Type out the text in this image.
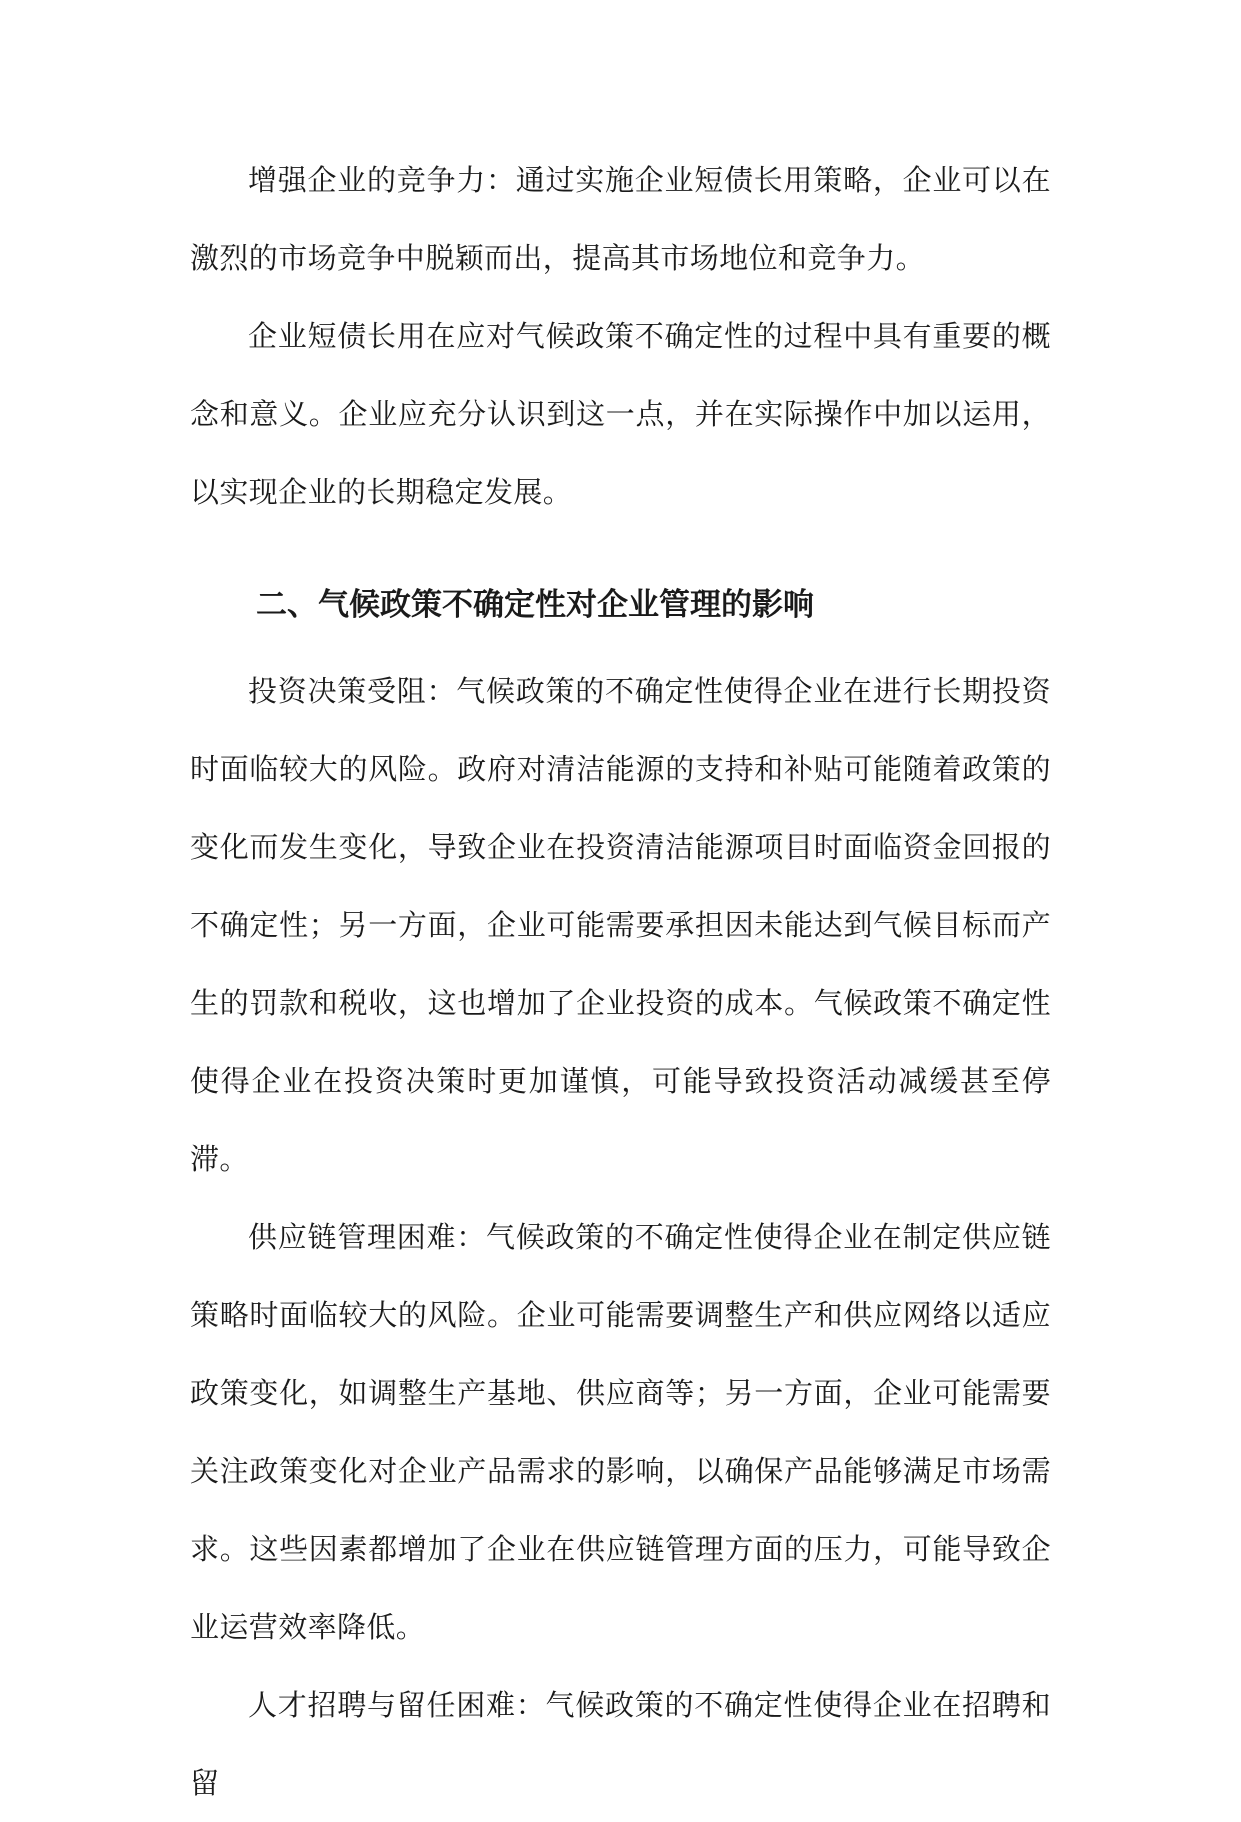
增强企业的竞争力：通过实施企业短债长用策略，企业可以在激烈的市场竞争中脱颖而出，提高其市场地位和竞争力。

企业短债长用在应对气候政策不确定性的过程中具有重要的概念和意义。企业应充分认识到这一点，并在实际操作中加以运用，以实现企业的长期稳定发展。

二、气候政策不确定性对企业管理的影响

投资决策受阻：气候政策的不确定性使得企业在进行长期投资时面临较大的风险。政府对清洁能源的支持和补贴可能随着政策的变化而发生变化，导致企业在投资清洁能源项目时面临资金回报的不确定性；另一方面，企业可能需要承担因未能达到气候目标而产生的罚款和税收，这也增加了企业投资的成本。气候政策不确定性使得企业在投资决策时更加谨慎，可能导致投资活动减缓甚至停滞。

供应链管理困难：气候政策的不确定性使得企业在制定供应链策略时面临较大的风险。企业可能需要调整生产和供应网络以适应政策变化，如调整生产基地、供应商等；另一方面，企业可能需要关注政策变化对企业产品需求的影响，以确保产品能够满足市场需求。这些因素都增加了企业在供应链管理方面的压力，可能导致企业运营效率降低。

人才招聘与留任困难：气候政策的不确定性使得企业在招聘和留
